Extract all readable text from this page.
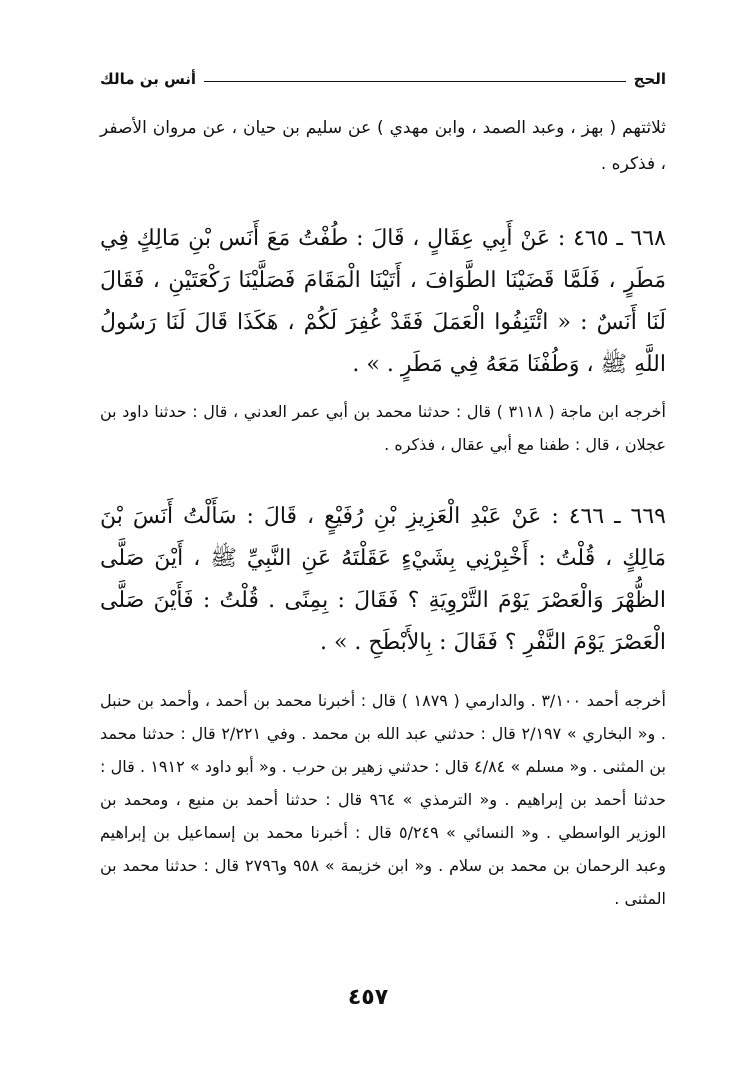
الحج
أنس بن مالك

ثلاثتهم ( بهز ، وعبد الصمد ، وابن مهدي ) عن سليم بن حيان ، عن مروان الأصفر ، فذكره .

٦٦٨ ـ ٤٦٥ : عَنْ أَبِي عِقَالٍ ، قَالَ : طُفْتُ مَعَ أَنَس بْنِ مَالِكٍ فِي مَطَرٍ ، فَلَمَّا قَضَيْنَا الطَّوَافَ ، أَتَيْنَا الْمَقَامَ فَصَلَّيْنَا رَكْعَتَيْنِ ، فَقَالَ لَنَا أَنَسٌ : « ائْتَنِفُوا الْعَمَلَ فَقَدْ غُفِرَ لَكُمْ ، هَكَذَا قَالَ لَنَا رَسُولُ اللَّهِ ﷺ ، وَطُفْنَا مَعَهُ فِي مَطَرٍ . » .

أخرجه ابن ماجة ( ٣١١٨ ) قال : حدثنا محمد بن أبي عمر العدني ، قال : حدثنا داود بن عجلان ، قال : طفنا مع أبي عقال ، فذكره .

٦٦٩ ـ ٤٦٦ : عَنْ عَبْدِ الْعَزِيزِ بْنِ رُفَيْعٍ ، قَالَ : سَأَلْتُ أَنَسَ بْنَ مَالِكٍ ، قُلْتُ : أَخْبِرْنِي بِشَيْءٍ عَقَلْتَهُ عَنِ النَّبِيِّ ﷺ ، أَيْنَ صَلَّى الظُّهْرَ وَالْعَصْرَ يَوْمَ التَّرْوِيَةِ ؟ فَقَالَ : بِمِنًى . قُلْتُ : فَأَيْنَ صَلَّى الْعَصْرَ يَوْمَ النَّفْرِ ؟ فَقَالَ : بِالأَبْطَحِ . » .

أخرجه أحمد ٣/١٠٠ . والدارمي ( ١٨٧٩ ) قال : أخبرنا محمد بن أحمد ، وأحمد بن حنبل . و« البخاري » ٢/١٩٧ قال : حدثني عبد الله بن محمد . وفي ٢/٢٢١ قال : حدثنا محمد بن المثنى . و« مسلم » ٤/٨٤ قال : حدثني زهير بن حرب . و« أبو داود » ١٩١٢ . قال : حدثنا أحمد بن إبراهيم . و« الترمذي » ٩٦٤ قال : حدثنا أحمد بن منيع ، ومحمد بن الوزير الواسطي . و« النسائي » ٥/٢٤٩ قال : أخبرنا محمد بن إسماعيل بن إبراهيم وعبد الرحمان بن محمد بن سلام . و« ابن خزيمة » ٩٥٨ و٢٧٩٦ قال : حدثنا محمد بن المثنى .

٤٥٧
